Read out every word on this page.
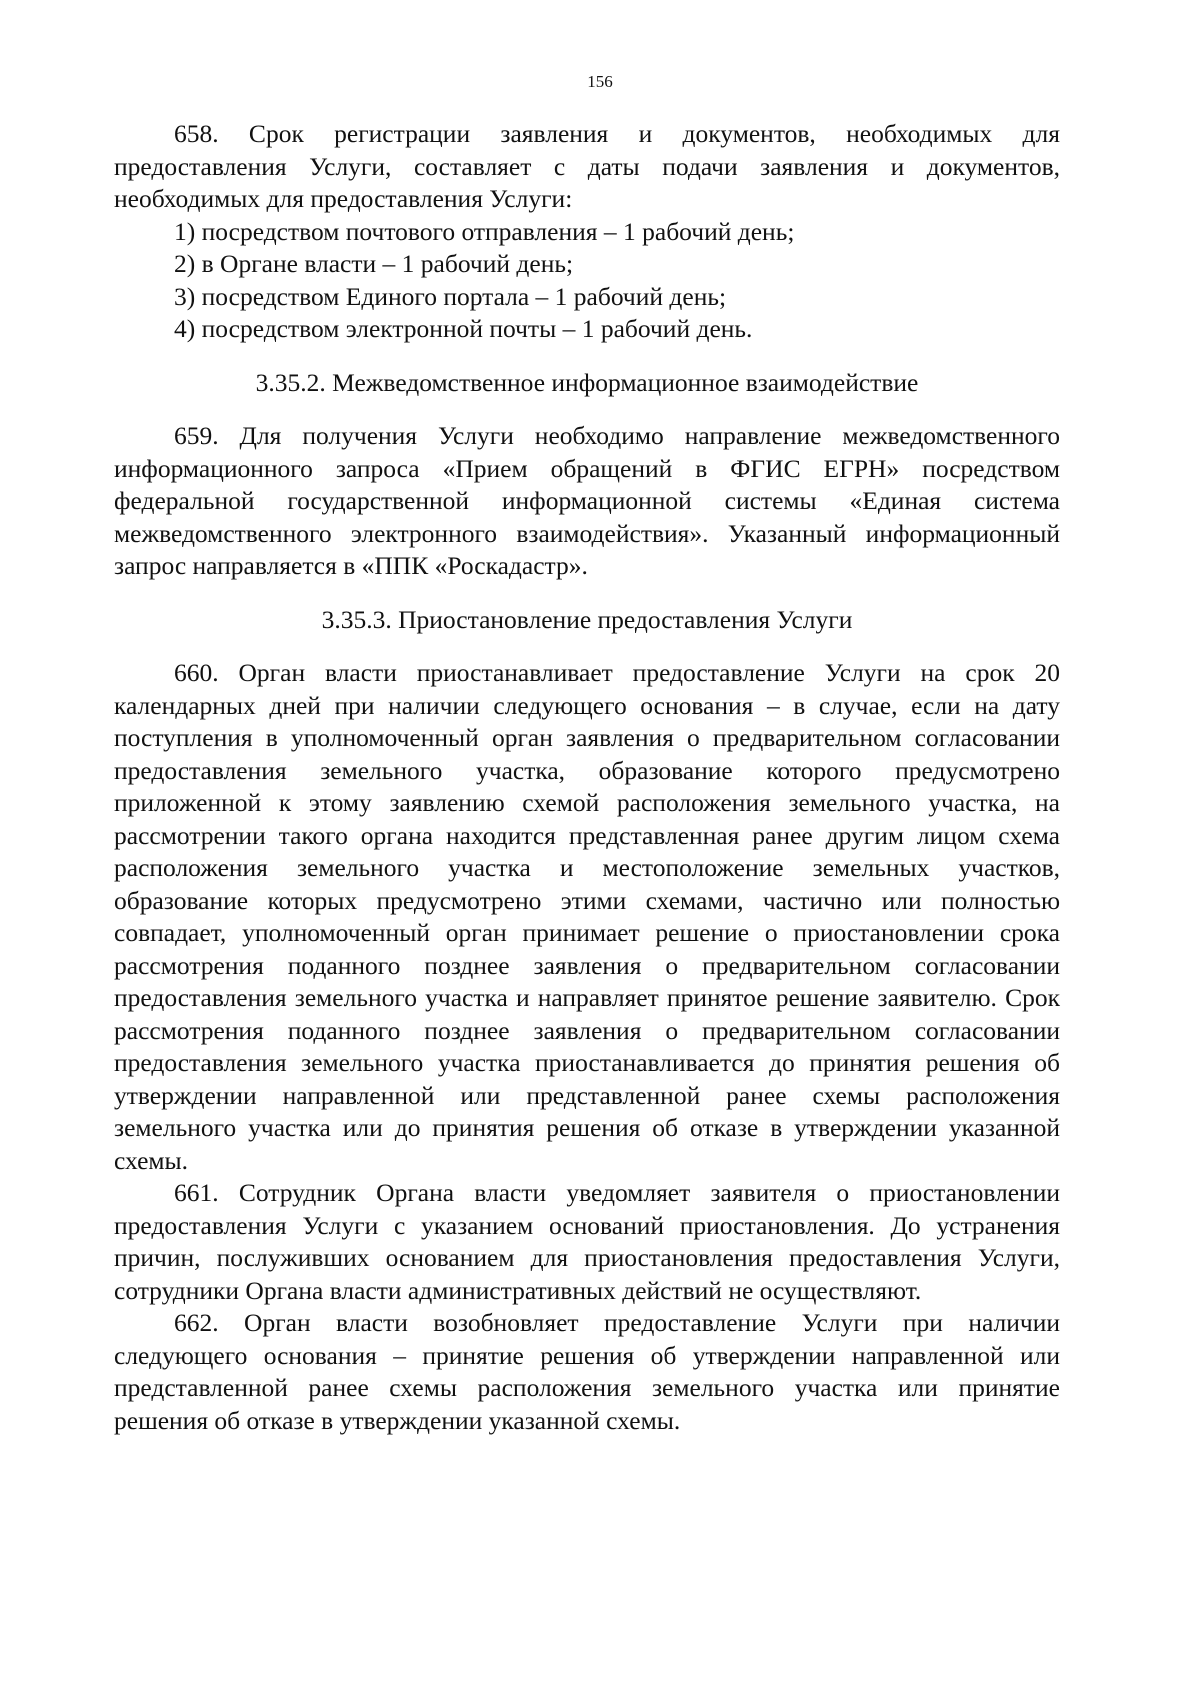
156

658. Срок регистрации заявления и документов, необходимых для предоставления Услуги, составляет с даты подачи заявления и документов, необходимых для предоставления Услуги:

1) посредством почтового отправления – 1 рабочий день;
2) в Органе власти – 1 рабочий день;
3) посредством Единого портала – 1 рабочий день;
4) посредством электронной почты – 1 рабочий день.
3.35.2. Межведомственное информационное взаимодействие

659. Для получения Услуги необходимо направление межведомственного информационного запроса «Прием обращений в ФГИС ЕГРН» посредством федеральной государственной информационной системы «Единая система межведомственного электронного взаимодействия». Указанный информационный запрос направляется в «ППК «Роскадастр».

3.35.3. Приостановление предоставления Услуги

660. Орган власти приостанавливает предоставление Услуги на срок 20 календарных дней при наличии следующего основания – в случае, если на дату поступления в уполномоченный орган заявления о предварительном согласовании предоставления земельного участка, образование которого предусмотрено приложенной к этому заявлению схемой расположения земельного участка, на рассмотрении такого органа находится представленная ранее другим лицом схема расположения земельного участка и местоположение земельных участков, образование которых предусмотрено этими схемами, частично или полностью совпадает, уполномоченный орган принимает решение о приостановлении срока рассмотрения поданного позднее заявления о предварительном согласовании предоставления земельного участка и направляет принятое решение заявителю. Срок рассмотрения поданного позднее заявления о предварительном согласовании предоставления земельного участка приостанавливается до принятия решения об утверждении направленной или представленной ранее схемы расположения земельного участка или до принятия решения об отказе в утверждении указанной схемы.

661. Сотрудник Органа власти уведомляет заявителя о приостановлении предоставления Услуги с указанием оснований приостановления. До устранения причин, послуживших основанием для приостановления предоставления Услуги, сотрудники Органа власти административных действий не осуществляют.

662. Орган власти возобновляет предоставление Услуги при наличии следующего основания – принятие решения об утверждении направленной или представленной ранее схемы расположения земельного участка или принятие решения об отказе в утверждении указанной схемы.
